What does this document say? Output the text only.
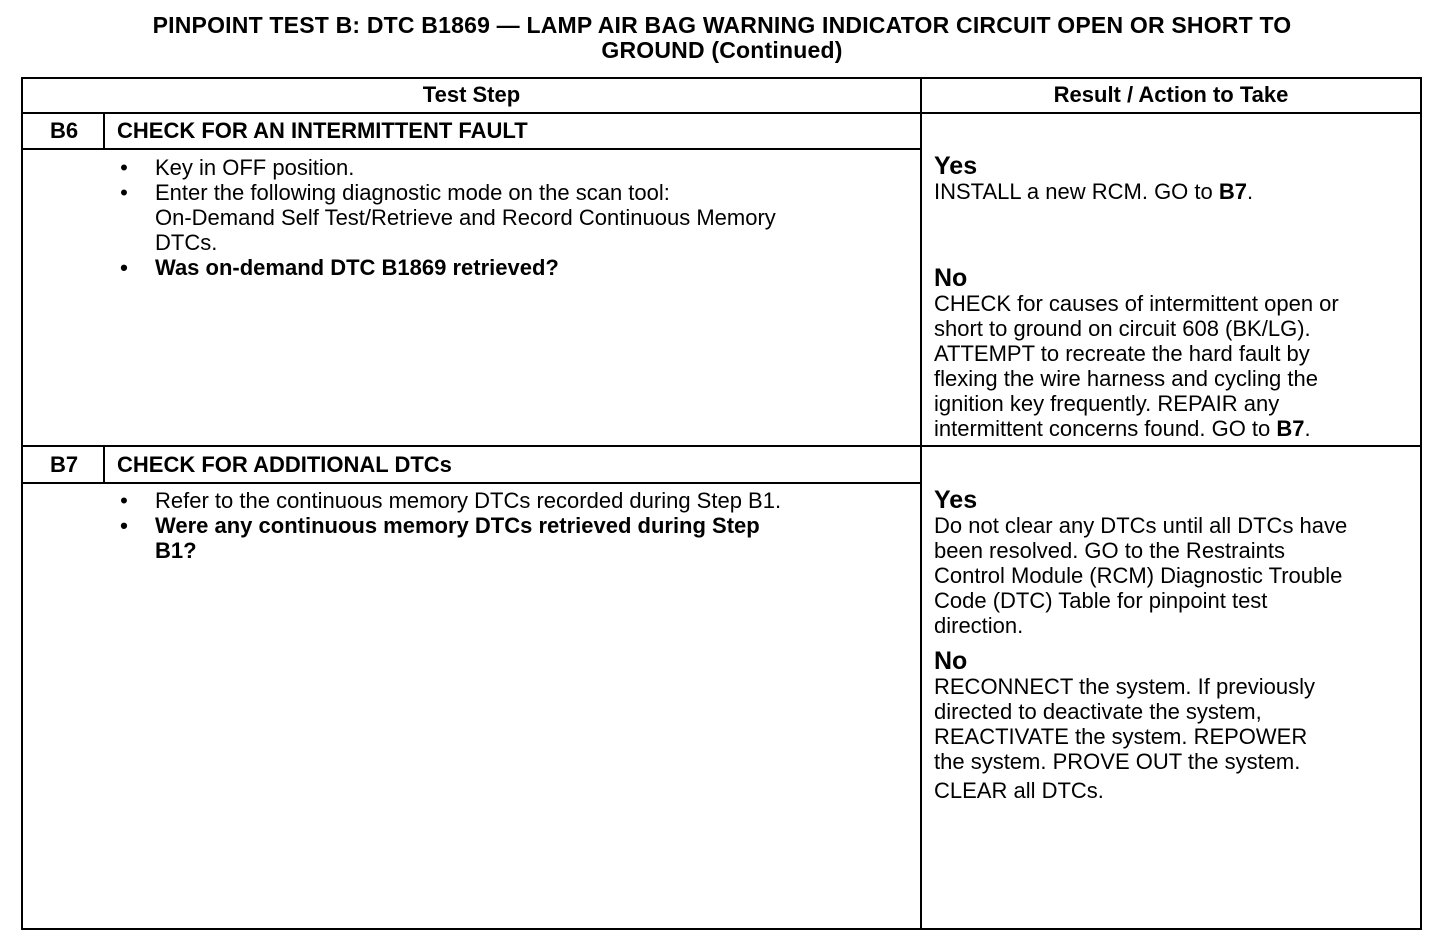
PINPOINT TEST B: DTC B1869 — LAMP AIR BAG WARNING INDICATOR CIRCUIT OPEN OR SHORT TO
GROUND (Continued)
Test Step	Result / Action to Take
B6	CHECK FOR AN INTERMITTENT FAULT
• Key in OFF position.
• Enter the following diagnostic mode on the scan tool:
On-Demand Self Test/Retrieve and Record Continuous Memory
DTCs.
• Was on-demand DTC B1869 retrieved?
Yes
INSTALL a new RCM. GO to B7.
No
CHECK for causes of intermittent open or
short to ground on circuit 608 (BK/LG).
ATTEMPT to recreate the hard fault by
flexing the wire harness and cycling the
ignition key frequently. REPAIR any
intermittent concerns found. GO to B7.
B7	CHECK FOR ADDITIONAL DTCs
• Refer to the continuous memory DTCs recorded during Step B1.
• Were any continuous memory DTCs retrieved during Step
B1?
Yes
Do not clear any DTCs until all DTCs have
been resolved. GO to the Restraints
Control Module (RCM) Diagnostic Trouble
Code (DTC) Table for pinpoint test
direction.
No
RECONNECT the system. If previously
directed to deactivate the system,
REACTIVATE the system. REPOWER
the system. PROVE OUT the system.
CLEAR all DTCs.
